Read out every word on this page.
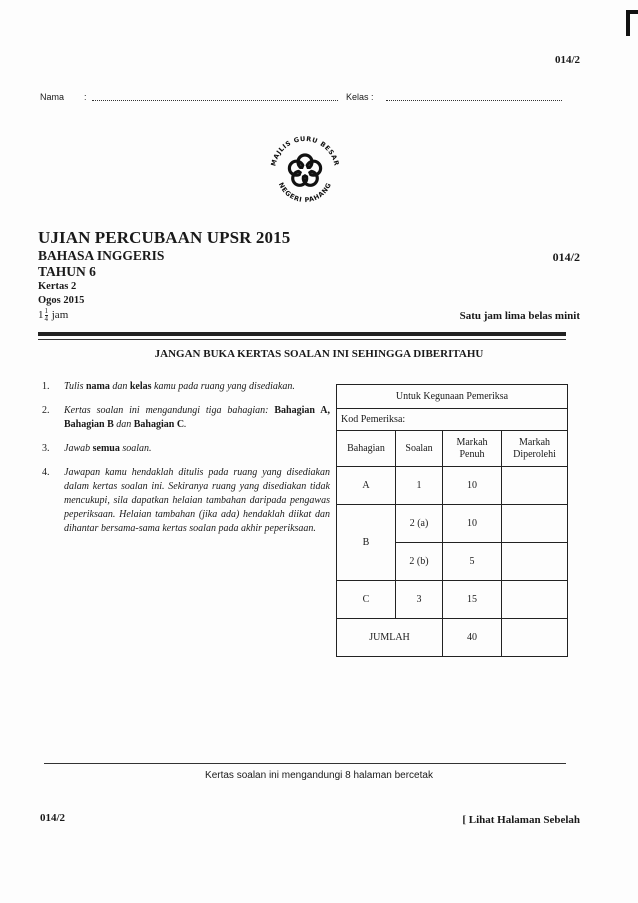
014/2
Nama :	Kelas :
MAJLIS GURU BESAR
NEGERI PAHANG
UJIAN PERCUBAAN UPSR 2015
BAHASA INGGERIS
TAHUN 6
Kertas 2
Ogos 2015
$1 \frac{1}{4}$ jam
014/2
Satu jam lima belas minit
JANGAN BUKA KERTAS SOALAN INI SEHINGGA DIBERITAHU
1. Tulis nama dan kelas kamu pada ruang yang disediakan.
2. Kertas soalan ini mengandungi tiga bahagian: Bahagian A, Bahagian B dan Bahagian C.
3. Jawab semua soalan.
4. Jawapan kamu hendaklah ditulis pada ruang yang disediakan dalam kertas soalan ini. Sekiranya ruang yang disediakan tidak mencukupi, sila dapatkan helaian tambahan daripada pengawas peperiksaan. Helaian tambahan (jika ada) hendaklah diikat dan dihantar bersama-sama kertas soalan pada akhir peperiksaan.
Untuk Kegunaan Pemeriksa			
Kod Pemeriksa:			
Bahagian	Soalan	Markah Penuh	Markah Diperolehi
A	1	10	
B	2 (a)	10	
	2 (b)	5	
C	3	15	
JUMLAH		40	
Kertas soalan ini mengandungi 8 halaman bercetak
014/2	[ Lihat Halaman Sebelah
